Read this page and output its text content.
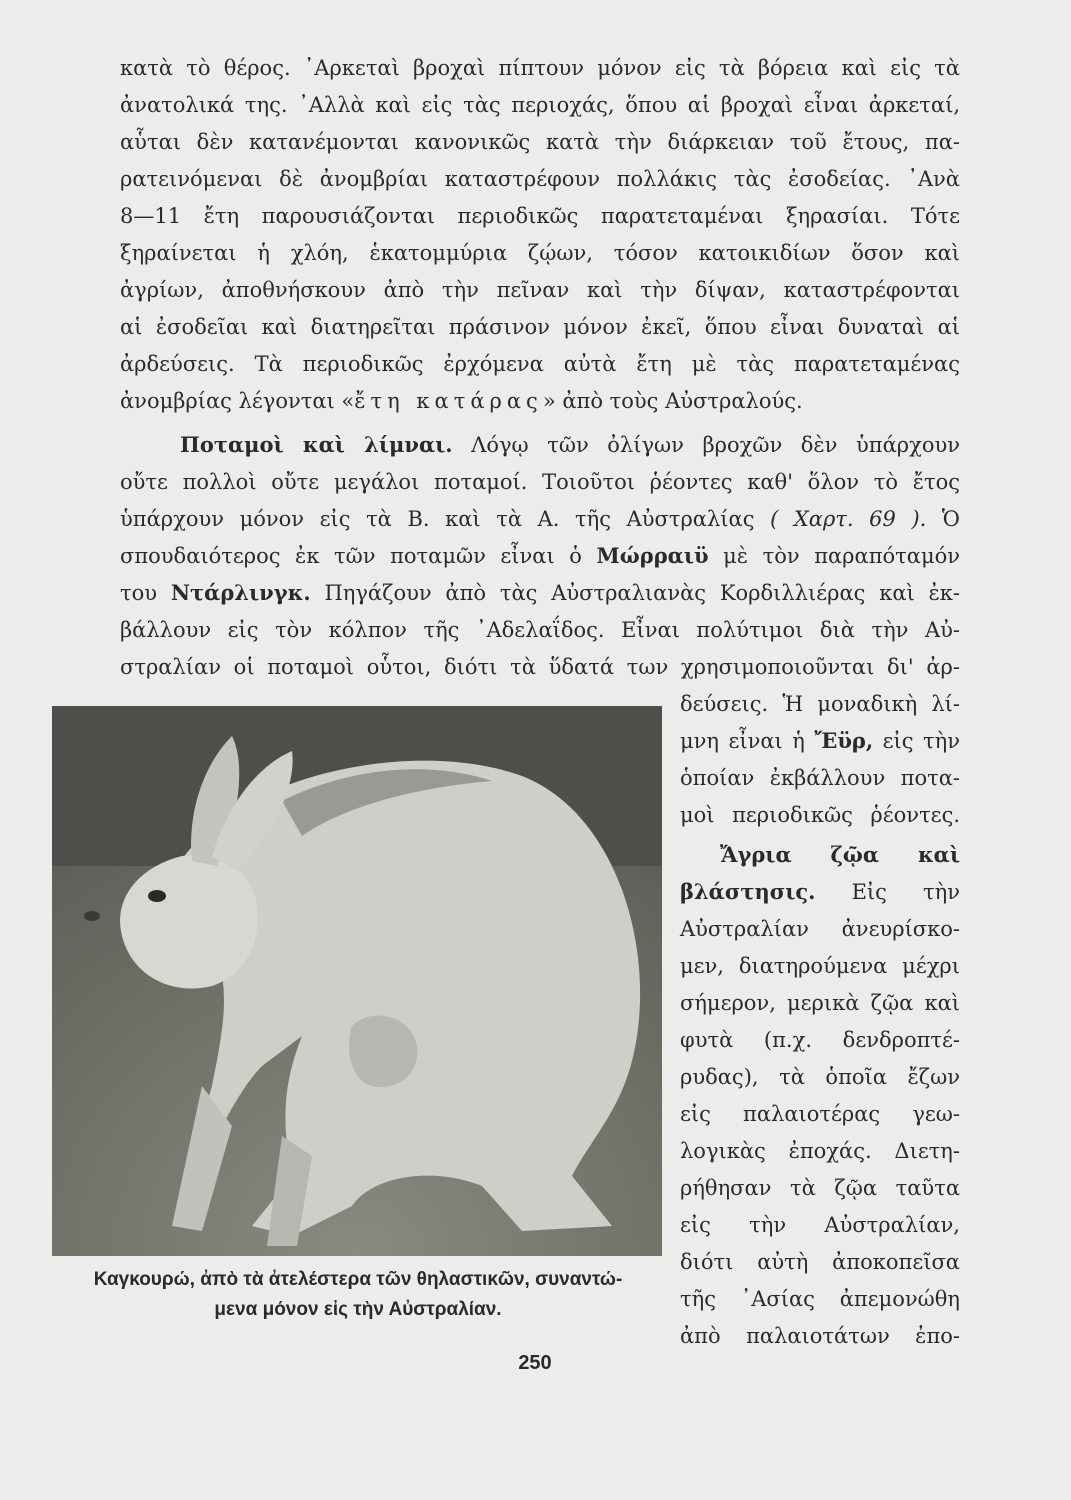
κατὰ τὸ θέρος. ᾿Αρκεταὶ βροχαὶ πίπτουν μόνον εἰς τὰ βόρεια καὶ εἰς τὰ

ἀνατολικά της. ᾿Αλλὰ καὶ εἰς τὰς περιοχάς, ὅπου αἱ βροχαὶ εἶναι ἀρκεταί,

αὗται δὲν κατανέμονται κανονικῶς κατὰ τὴν διάρκειαν τοῦ ἔτους, πα-

ρατεινόμεναι δὲ ἀνομβρίαι καταστρέφουν πολλάκις τὰς ἐσοδείας. ᾿Ανὰ

8—11 ἔτη παρουσιάζονται περιοδικῶς παρατεταμέναι ξηρασίαι. Τότε

ξηραίνεται ἡ χλόη, ἑκατομμύρια ζῴων, τόσον κατοικιδίων ὅσον καὶ

ἀγρίων, ἀποθνήσκουν ἀπὸ τὴν πεῖναν καὶ τὴν δίψαν, καταστρέφονται

αἱ ἐσοδεῖαι καὶ διατηρεῖται πράσινον μόνον ἐκεῖ, ὅπου εἶναι δυναταὶ αἱ

ἀρδεύσεις. Τὰ περιοδικῶς ἐρχόμενα αὐτὰ ἔτη μὲ τὰς παρατεταμένας

ἀνομβρίας λέγονται «ἔτη κατάρας» ἀπὸ τοὺς Αὐστραλούς.

Ποταμοὶ καὶ λίμναι. Λόγῳ τῶν ὀλίγων βροχῶν δὲν ὑπάρχουν

οὔτε πολλοὶ οὔτε μεγάλοι ποταμοί. Τοιοῦτοι ῥέοντες καθ' ὅλον τὸ ἔτος

ὑπάρχουν μόνον εἰς τὰ Β. καὶ τὰ Α. τῆς Αὐστραλίας ( Χαρτ. 69 ). Ὁ

σπουδαιότερος ἐκ τῶν ποταμῶν εἶναι ὁ Μώρραιϋ μὲ τὸν παραπόταμόν

του Ντάρλινγκ. Πηγάζουν ἀπὸ τὰς Αὐστραλιανὰς Κορδιλλιέρας καὶ ἐκ-

βάλλουν εἰς τὸν κόλπον τῆς ᾿Αδελαΐδος. Εἶναι πολύτιμοι διὰ τὴν Αὐ-

στραλίαν οἱ ποταμοὶ οὗτοι, διότι τὰ ὕδατά των χρησιμοποιοῦνται δι' ἀρ-

δεύσεις. Ἡ μοναδικὴ λί-

μνη εἶναι ἡ Ἔϋρ, εἰς τὴν

ὁποίαν ἐκβάλλουν ποτα-

μοὶ περιοδικῶς ῥέοντες.

Ἄγρια ζῷα καὶ

βλάστησις. Εἰς τὴν

Αὐστραλίαν ἀνευρίσκο-

μεν, διατηρούμενα μέχρι

σήμερον, μερικὰ ζῷα καὶ

φυτὰ (π.χ. δενδροπτέ-

ρυδας), τὰ ὁποῖα ἔζων

εἰς παλαιοτέρας γεω-

λογικὰς ἐποχάς. Διετη-

ρήθησαν τὰ ζῷα ταῦτα

εἰς τὴν Αὐστραλίαν,

διότι αὐτὴ ἀποκοπεῖσα

τῆς ᾿Ασίας ἀπεμονώθη

ἀπὸ παλαιοτάτων ἐπο-

Καγκουρώ, ἀπὸ τὰ ἀτελέστερα τῶν θηλαστικῶν, συναντώ-

μενα μόνον εἰς τὴν Αὐστραλίαν.

250
